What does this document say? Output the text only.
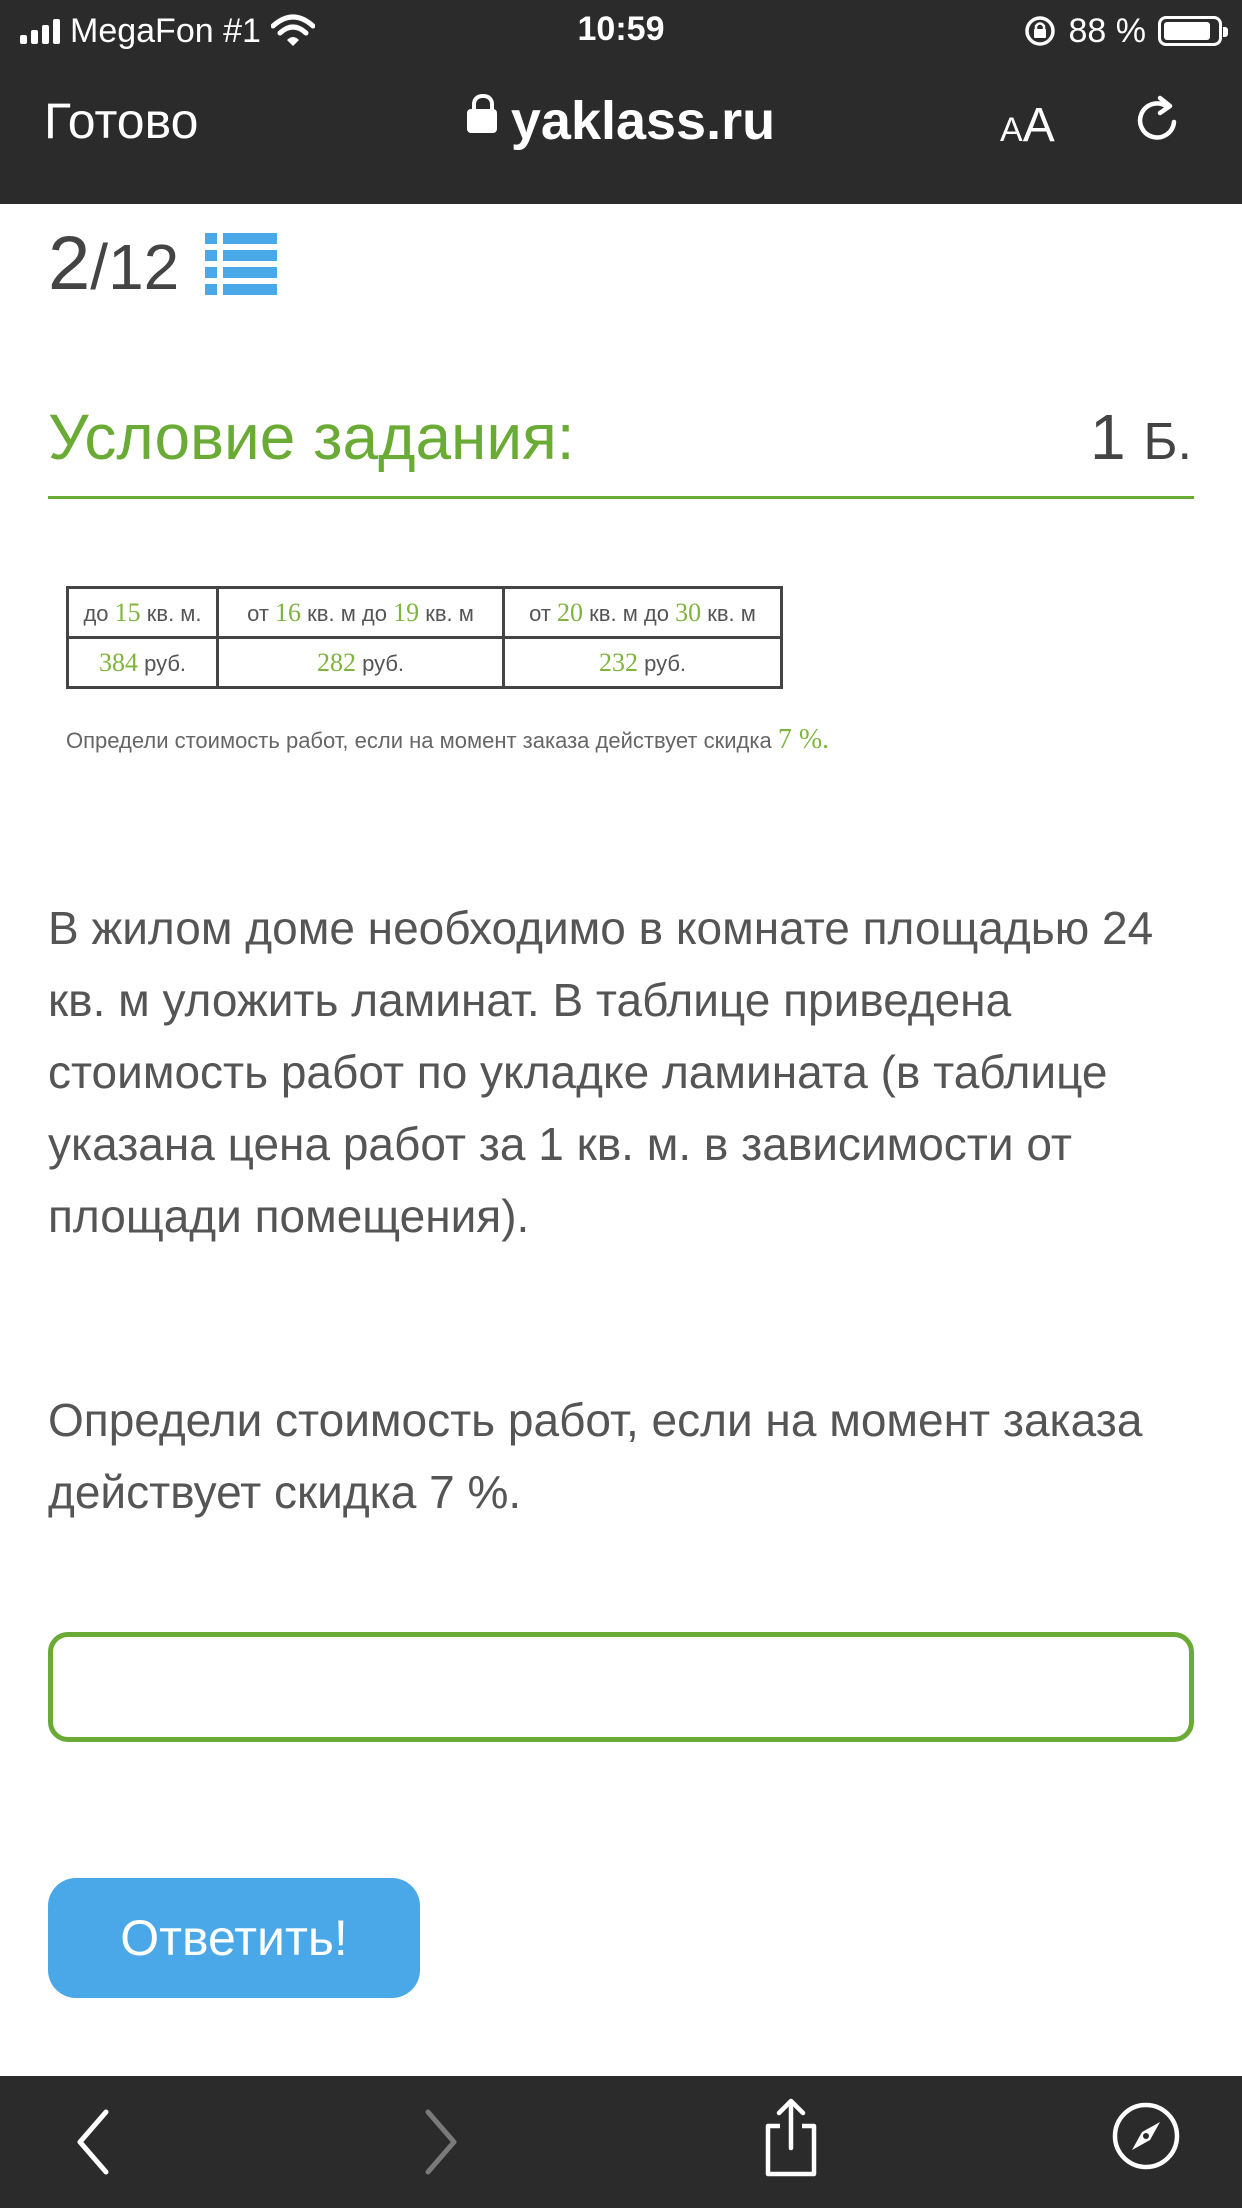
MegaFon #1	10:59	88 %
Готово	yaklass.ru	AA
2/12
Условие задания:	1 Б.
до 15 кв. м.	от 16 кв. м до 19 кв. м	от 20 кв. м до 30 кв. м
384 руб.	282 руб.	232 руб.
Определи стоимость работ, если на момент заказа действует скидка 7 %.
В жилом доме необходимо в комнате площадью 24 кв. м уложить ламинат. В таблице приведена стоимость работ по укладке ламината (в таблице указана цена работ за 1 кв. м. в зависимости от площади помещения).
Определи стоимость работ, если на момент заказа действует скидка 7 %.
Ответить!
